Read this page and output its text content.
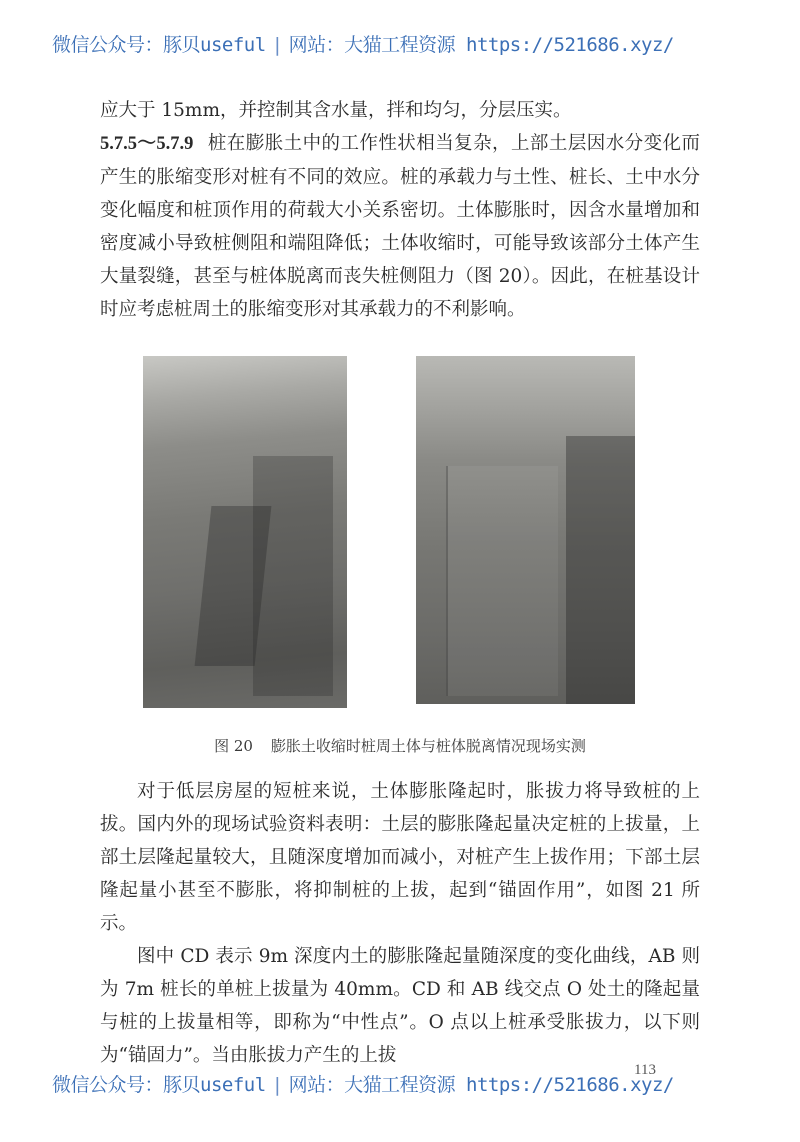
微信公众号：豚贝useful | 网站：大猫工程资源 https://521686.xyz/
应大于 15mm，并控制其含水量，拌和均匀，分层压实。
5.7.5～5.7.9 桩在膨胀土中的工作性状相当复杂，上部土层因水分变化而产生的胀缩变形对桩有不同的效应。桩的承载力与土性、桩长、土中水分变化幅度和桩顶作用的荷载大小关系密切。土体膨胀时，因含水量增加和密度减小导致桩侧阻和端阻降低；土体收缩时，可能导致该部分土体产生大量裂缝，甚至与桩体脱离而丧失桩侧阻力（图 20）。因此，在桩基设计时应考虑桩周土的胀缩变形对其承载力的不利影响。
图 20 膨胀土收缩时桩周土体与桩体脱离情况现场实测
对于低层房屋的短桩来说，土体膨胀隆起时，胀拔力将导致桩的上拔。国内外的现场试验资料表明：土层的膨胀隆起量决定桩的上拔量，上部土层隆起量较大，且随深度增加而减小，对桩产生上拔作用；下部土层隆起量小甚至不膨胀，将抑制桩的上拔，起到“锚固作用”，如图 21 所示。
图中 CD 表示 9m 深度内土的膨胀隆起量随深度的变化曲线，AB 则为 7m 桩长的单桩上拔量为 40mm。CD 和 AB 线交点 O 处土的隆起量与桩的上拔量相等，即称为“中性点”。O 点以上桩承受胀拔力，以下则为“锚固力”。当由胀拔力产生的上拔
113
微信公众号：豚贝useful | 网站：大猫工程资源 https://521686.xyz/
